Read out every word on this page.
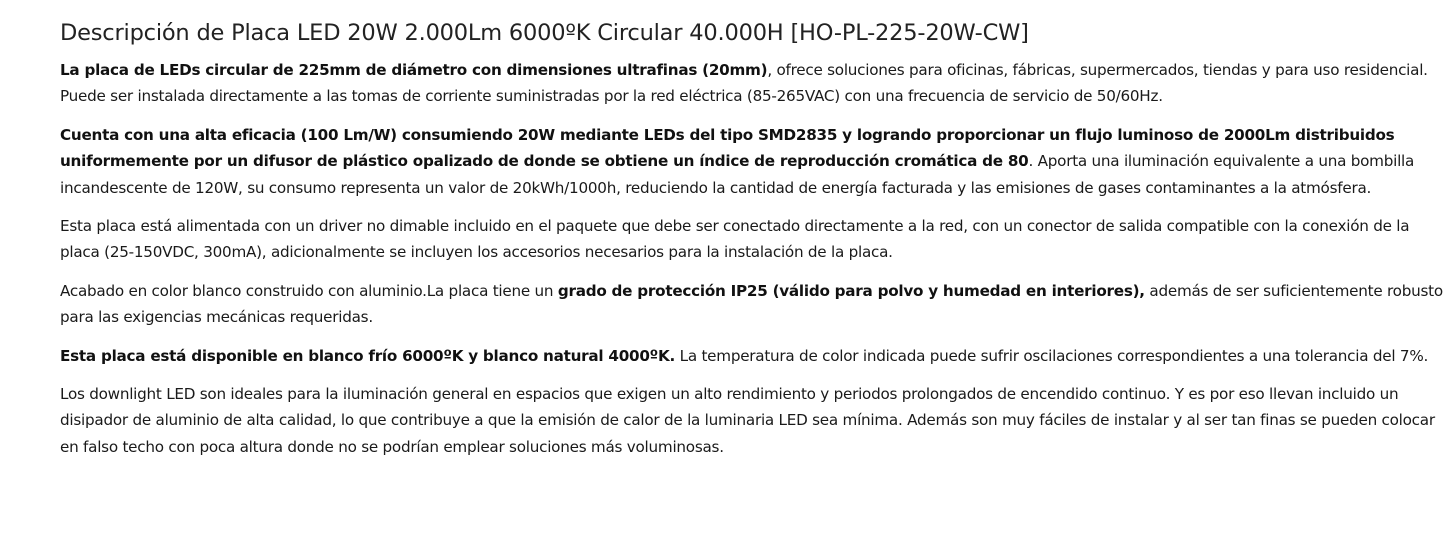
Descripción de Placa LED 20W 2.000Lm 6000ºK Circular 40.000H [HO-PL-225-20W-CW]

La placa de LEDs circular de 225mm de diámetro con dimensiones ultrafinas (20mm), ofrece soluciones para oficinas, fábricas, supermercados, tiendas y para uso residencial. Puede ser instalada directamente a las tomas de corriente suministradas por la red eléctrica (85-265VAC) con una frecuencia de servicio de 50/60Hz.

Cuenta con una alta eficacia (100 Lm/W) consumiendo 20W mediante LEDs del tipo SMD2835 y logrando proporcionar un flujo luminoso de 2000Lm distribuidos uniformemente por un difusor de plástico opalizado de donde se obtiene un índice de reproducción cromática de 80. Aporta una iluminación equivalente a una bombilla incandescente de 120W, su consumo representa un valor de 20kWh/1000h, reduciendo la cantidad de energía facturada y las emisiones de gases contaminantes a la atmósfera.

Esta placa está alimentada con un driver no dimable incluido en el paquete que debe ser conectado directamente a la red, con un conector de salida compatible con la conexión de la placa (25-150VDC, 300mA), adicionalmente se incluyen los accesorios necesarios para la instalación de la placa.

Acabado en color blanco construido con aluminio.La placa tiene un grado de protección IP25 (válido para polvo y humedad en interiores), además de ser suficientemente robusto para las exigencias mecánicas requeridas.

Esta placa está disponible en blanco frío 6000ºK y blanco natural 4000ºK. La temperatura de color indicada puede sufrir oscilaciones correspondientes a una tolerancia del 7%.

Los downlight LED son ideales para la iluminación general en espacios que exigen un alto rendimiento y periodos prolongados de encendido continuo. Y es por eso llevan incluido un disipador de aluminio de alta calidad, lo que contribuye a que la emisión de calor de la luminaria LED sea mínima. Además son muy fáciles de instalar y al ser tan finas se pueden colocar en falso techo con poca altura donde no se podrían emplear soluciones más voluminosas.
